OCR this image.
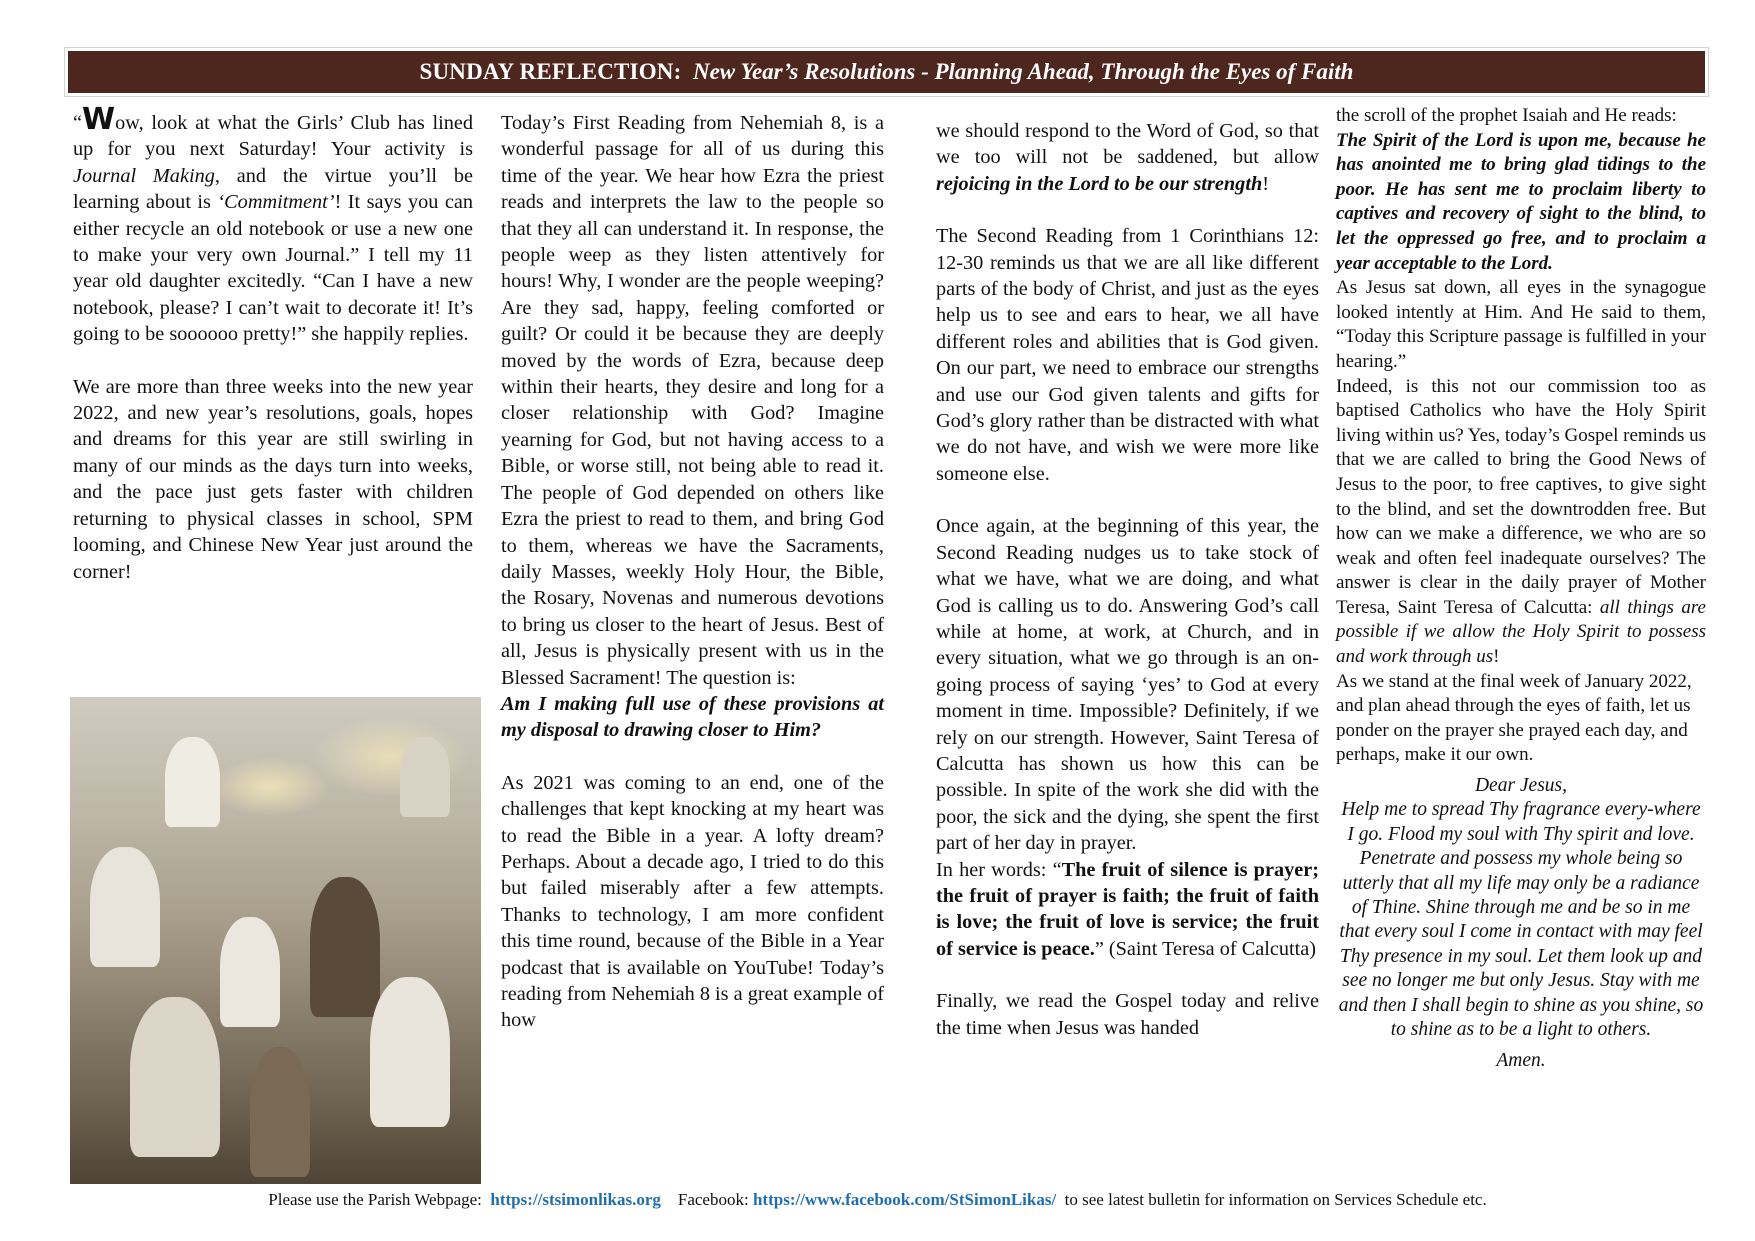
SUNDAY REFLECTION: New Year’s Resolutions - Planning Ahead, Through the Eyes of Faith

“Wow, look at what the Girls’ Club has lined up for you next Saturday! Your activity is Journal Making, and the virtue you’ll be learning about is ‘Commitment’! It says you can either recycle an old notebook or use a new one to make your very own Journal.” I tell my 11 year old daughter excitedly. “Can I have a new notebook, please? I can’t wait to decorate it! It’s going to be soooooo pretty!” she happily replies.

We are more than three weeks into the new year 2022, and new year’s resolutions, goals, hopes and dreams for this year are still swirling in many of our minds as the days turn into weeks, and the pace just gets faster with children returning to physical classes in school, SPM looming, and Chinese New Year just around the corner!

Today’s First Reading from Nehemiah 8, is a wonderful passage for all of us during this time of the year. We hear how Ezra the priest reads and interprets the law to the people so that they all can understand it. In response, the people weep as they listen attentively for hours! Why, I wonder are the people weeping? Are they sad, happy, feeling comforted or guilt? Or could it be because they are deeply moved by the words of Ezra, because deep within their hearts, they desire and long for a closer relationship with God? Imagine yearning for God, but not having access to a Bible, or worse still, not being able to read it. The people of God depended on others like Ezra the priest to read to them, and bring God to them, whereas we have the Sacraments, daily Masses, weekly Holy Hour, the Bible, the Rosary, Novenas and numerous devotions to bring us closer to the heart of Jesus. Best of all, Jesus is physically present with us in the Blessed Sacrament! The question is:

Am I making full use of these provisions at my disposal to drawing closer to Him?

As 2021 was coming to an end, one of the challenges that kept knocking at my heart was to read the Bible in a year. A lofty dream? Perhaps. About a decade ago, I tried to do this but failed miserably after a few attempts. Thanks to technology, I am more confident this time round, because of the Bible in a Year podcast that is available on YouTube! Today’s reading from Nehemiah 8 is a great example of how

we should respond to the Word of God, so that we too will not be saddened, but allow rejoicing in the Lord to be our strength!

The Second Reading from 1 Corinthians 12: 12-30 reminds us that we are all like different parts of the body of Christ, and just as the eyes help us to see and ears to hear, we all have different roles and abilities that is God given. On our part, we need to embrace our strengths and use our God given talents and gifts for God’s glory rather than be distracted with what we do not have, and wish we were more like someone else.

Once again, at the beginning of this year, the Second Reading nudges us to take stock of what we have, what we are doing, and what God is calling us to do. Answering God’s call while at home, at work, at Church, and in every situation, what we go through is an on-going process of saying ‘yes’ to God at every moment in time. Impossible? Definitely, if we rely on our strength. However, Saint Teresa of Calcutta has shown us how this can be possible. In spite of the work she did with the poor, the sick and the dying, she spent the first part of her day in prayer.

In her words: “The fruit of silence is prayer; the fruit of prayer is faith; the fruit of faith is love; the fruit of love is service; the fruit of service is peace.” (Saint Teresa of Calcutta)

Finally, we read the Gospel today and relive the time when Jesus was handed

the scroll of the prophet Isaiah and He reads:

The Spirit of the Lord is upon me, because he has anointed me to bring glad tidings to the poor. He has sent me to proclaim liberty to captives and recovery of sight to the blind, to let the oppressed go free, and to proclaim a year acceptable to the Lord.

As Jesus sat down, all eyes in the synagogue looked intently at Him. And He said to them, “Today this Scripture passage is fulfilled in your hearing.”

Indeed, is this not our commission too as baptised Catholics who have the Holy Spirit living within us? Yes, today’s Gospel reminds us that we are called to bring the Good News of Jesus to the poor, to free captives, to give sight to the blind, and set the downtrodden free. But how can we make a difference, we who are so weak and often feel inadequate ourselves? The answer is clear in the daily prayer of Mother Teresa, Saint Teresa of Calcutta: all things are possible if we allow the Holy Spirit to possess and work through us!

As we stand at the final week of January 2022, and plan ahead through the eyes of faith, let us ponder on the prayer she prayed each day, and perhaps, make it our own.

Dear Jesus,

Help me to spread Thy fragrance every-where I go. Flood my soul with Thy spirit and love. Penetrate and possess my whole being so utterly that all my life may only be a radiance of Thine. Shine through me and be so in me that every soul I come in contact with may feel Thy presence in my soul. Let them look up and see no longer me but only Jesus. Stay with me and then I shall begin to shine as you shine, so to shine as to be a light to others.

Amen.

Please use the Parish Webpage:  https://stsimonlikas.org    Facebook: https://www.facebook.com/StSimonLikas/  to see latest bulletin for information on Services Schedule etc.
